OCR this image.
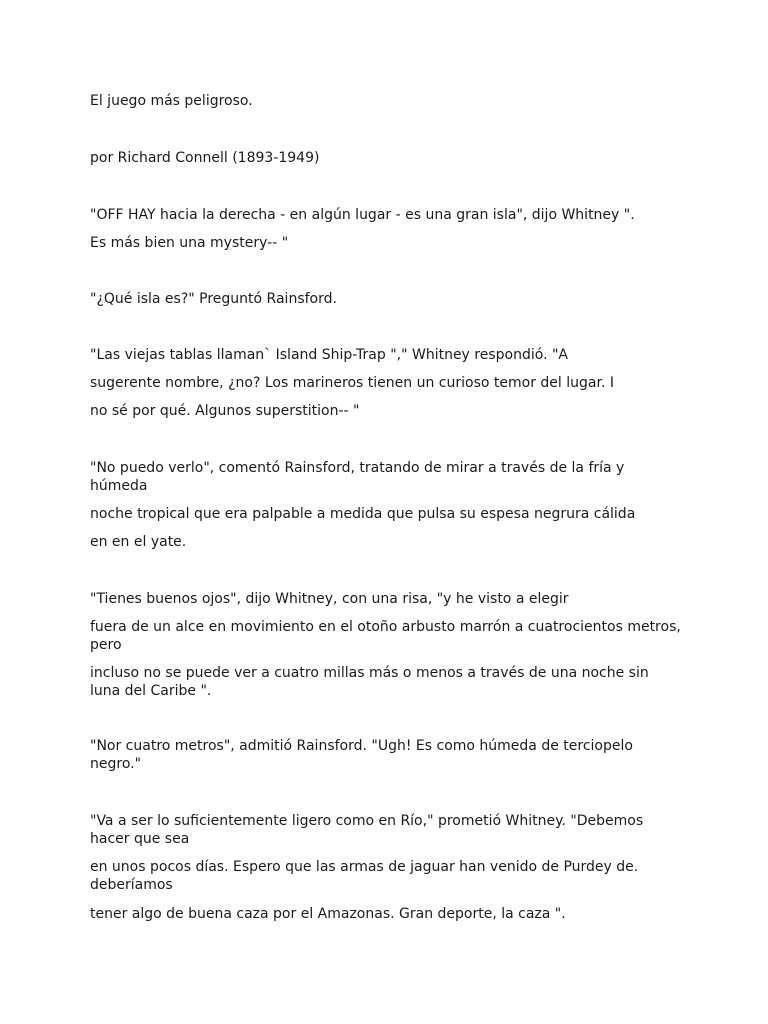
El juego más peligroso.

por Richard Connell (1893-1949)

"OFF HAY hacia la derecha - en algún lugar - es una gran isla", dijo Whitney ".

Es más bien una mystery-- "

"¿Qué isla es?" Preguntó Rainsford.

"Las viejas tablas llaman` Island Ship-Trap "," Whitney respondió. "A

sugerente nombre, ¿no? Los marineros tienen un curioso temor del lugar. I

no sé por qué. Algunos superstition-- "

"No puedo verlo", comentó Rainsford, tratando de mirar a través de la fría y húmeda

noche tropical que era palpable a medida que pulsa su espesa negrura cálida

en en el yate.

"Tienes buenos ojos", dijo Whitney, con una risa, "y he visto a elegir

fuera de un alce en movimiento en el otoño arbusto marrón a cuatrocientos metros, pero

incluso no se puede ver a cuatro millas más o menos a través de una noche sin luna del Caribe ".

"Nor cuatro metros", admitió Rainsford. "Ugh! Es como húmeda de terciopelo negro."

"Va a ser lo suficientemente ligero como en Río," prometió Whitney. "Debemos hacer que sea

en unos pocos días. Espero que las armas de jaguar han venido de Purdey de. deberíamos

tener algo de buena caza por el Amazonas. Gran deporte, la caza ".
